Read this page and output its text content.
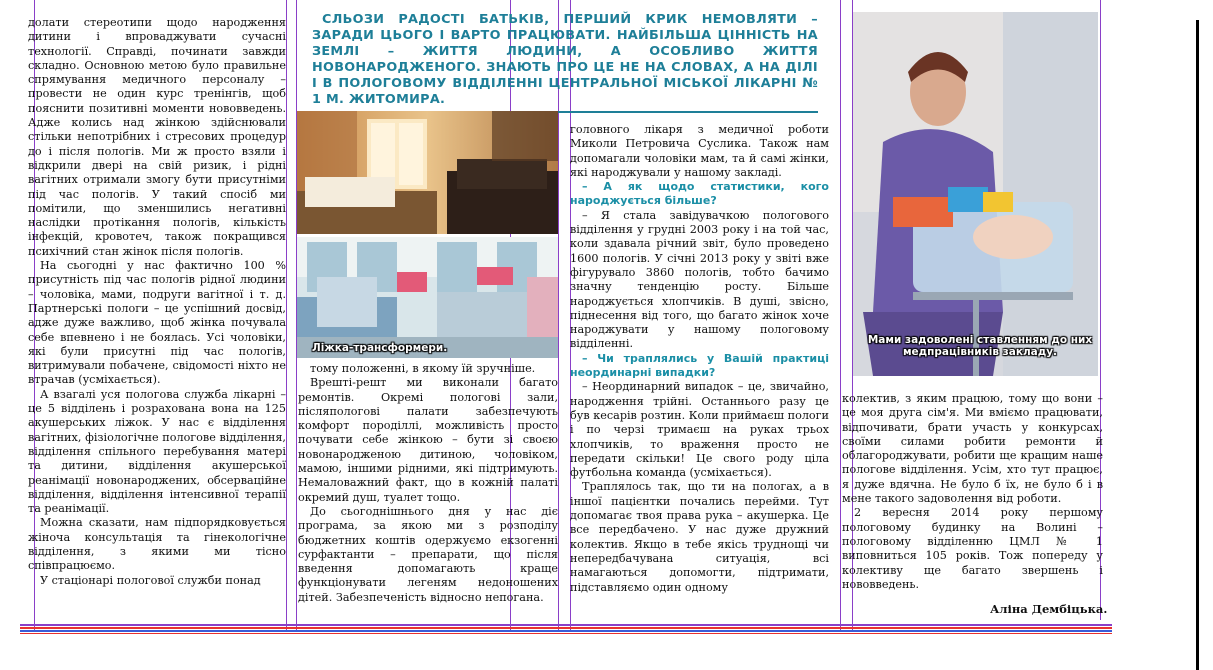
СЛЬОЗИ РАДОСТІ БАТЬКІВ, ПЕРШИЙ КРИК НЕМОВЛЯТИ – ЗАРАДИ ЦЬОГО І ВАРТО ПРАЦЮВАТИ. НАЙБІЛЬША ЦІННІСТЬ НА ЗЕМЛІ – ЖИТТЯ ЛЮДИНИ, А ОСОБЛИВО ЖИТТЯ НОВОНАРОДЖЕНОГО. ЗНАЮТЬ ПРО ЦЕ НЕ НА СЛОВАХ, А НА ДІЛІ І В ПОЛОГОВОМУ ВІДДІЛЕННІ ЦЕНТРАЛЬНОЇ МІСЬКОЇ ЛІКАРНІ № 1 М. ЖИТОМИРА.

долати стереотипи щодо народження дитини і впроваджувати сучасні технології. Справді, починати завжди складно. Основною метою було правильне спрямування медичного персоналу – провести не один курс тренінгів, щоб пояснити позитивні моменти нововведень. Адже колись над жінкою здійснювали стільки непотрібних і стресових процедур до і після пологів. Ми ж просто взяли і відкрили двері на свій ризик, і рідні вагітних отримали змогу бути присутніми під час пологів. У такий спосіб ми помітили, що зменшились негативні наслідки протікання пологів, кількість інфекцій, кровотеч, також покращився психічний стан жінок після пологів.

На сьогодні у нас фактично 100 % присутність під час пологів рідної людини – чоловіка, мами, подруги вагітної і т. д. Партнерські пологи – це успішний досвід, адже дуже важливо, щоб жінка почувала себе впевнено і не боялась. Усі чоловіки, які були присутні під час пологів, витримували побачене, свідомості ніхто не втрачав (усміхається).

А взагалі уся пологова служба лікарні – це 5 відділень і розрахована вона на 125 акушерських ліжок. У нас є відділення вагітних, фізіологічне пологове відділення, відділення спільного перебування матері та дитини, відділення акушерської реанімації новонароджених, обсерваційне відділення, відділення інтенсивної терапії та реанімації.

Можна сказати, нам підпорядковується жіноча консультація та гінекологічне відділення, з якими ми тісно співпрацюємо.

У стаціонарі пологової служби понад

Ліжка-трансформери.

тому положенні, в якому їй зручніше.

Врешті-решт ми виконали багато ремонтів. Окремі пологові зали, післяпологові палати забезпечують комфорт породіллі, можливість просто почувати себе жінкою – бути зі своєю новонародженою дитиною, чоловіком, мамою, іншими рідними, які підтримують. Немаловажний факт, що в кожній палаті окремий душ, туалет тощо.

До сьогоднішнього дня у нас діє програма, за якою ми з розподілу бюджетних коштів одержуємо екзогенні сурфактанти – препарати, що після введення допомагають краще функціонувати легеням недоношених дітей. Забезпеченість відносно непогана.

головного лікаря з медичної роботи Миколи Петровича Суслика. Також нам допомагали чоловіки мам, та й самі жінки, які народжували у нашому закладі.

– А як щодо статистики, кого народжується більше?

– Я стала завідувачкою пологового відділення у грудні 2003 року і на той час, коли здавала річний звіт, було проведено 1600 пологів. У січні 2013 року у звіті вже фігурувало 3860 пологів, тобто бачимо значну тенденцію росту. Більше народжується хлопчиків. В душі, звісно, піднесення від того, що багато жінок хоче народжувати у нашому пологовому відділенні.

– Чи траплялись у Вашій практиці неординарні випадки?

– Неординарний випадок – це, звичайно, народження трійні. Останнього разу це був кесарів розтин. Коли приймаєш пологи і по черзі тримаєш на руках трьох хлопчиків, то враження просто не передати скільки! Це свого роду ціла футбольна команда (усміхається).

Траплялось так, що ти на пологах, а в іншої пацієнтки почались перейми. Тут допомагає твоя права рука – акушерка. Це все передбачено. У нас дуже дружний колектив. Якщо в тебе якісь труднощі чи непередбачувана ситуація, всі намагаються допомогти, підтримати, підставляємо один одному

Мами задоволені ставленням до них медпрацівників закладу.

колектив, з яким працюю, тому що вони – це моя друга сім'я. Ми вміємо працювати, відпочивати, брати участь у конкурсах, своїми силами робити ремонти й облагороджувати, робити ще кращим наше пологове відділення. Усім, хто тут працює, я дуже вдячна. Не було б їх, не було б і в мене такого задоволення від роботи.

2 вересня 2014 року першому пологовому будинку на Волині – пологовому відділенню ЦМЛ № 1 виповниться 105 років. Тож попереду у колективу ще багато звершень і нововведень.

Аліна Дембіцька.
